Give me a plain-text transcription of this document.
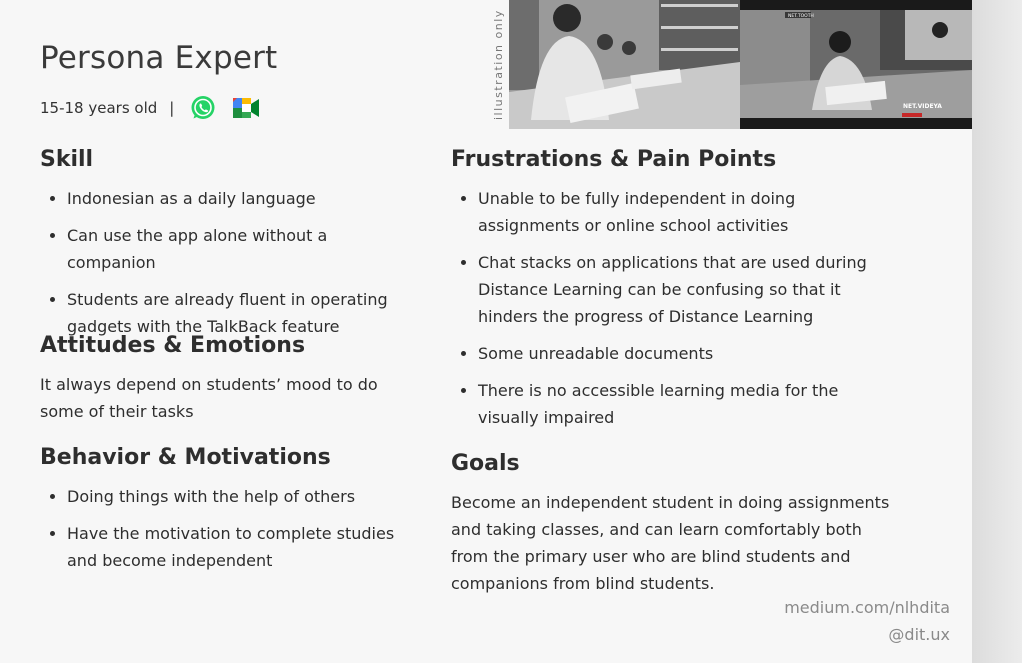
Persona Expert
15-18 years old |	illustration only	NET.TOOTH
NET.VIDEYA
Skill
Indonesian as a daily language
Can use the app alone without a companion
Students are already fluent in operating gadgets with the TalkBack feature
Attitudes & Emotions

It always depend on students’ mood to do some of their tasks

Behavior & Motivations
Doing things with the help of others
Have the motivation to complete studies and become independent
Frustrations & Pain Points
Unable to be fully independent in doing assignments or online school activities
Chat stacks on applications that are used during Distance Learning can be confusing so that it hinders the progress of Distance Learning
Some unreadable documents
There is no accessible learning media for the visually impaired
Goals

Become an independent student in doing assignments and taking classes, and can learn comfortably both from the primary user who are blind students and companions from blind students.

medium.com/nlhdita
@dit.ux
